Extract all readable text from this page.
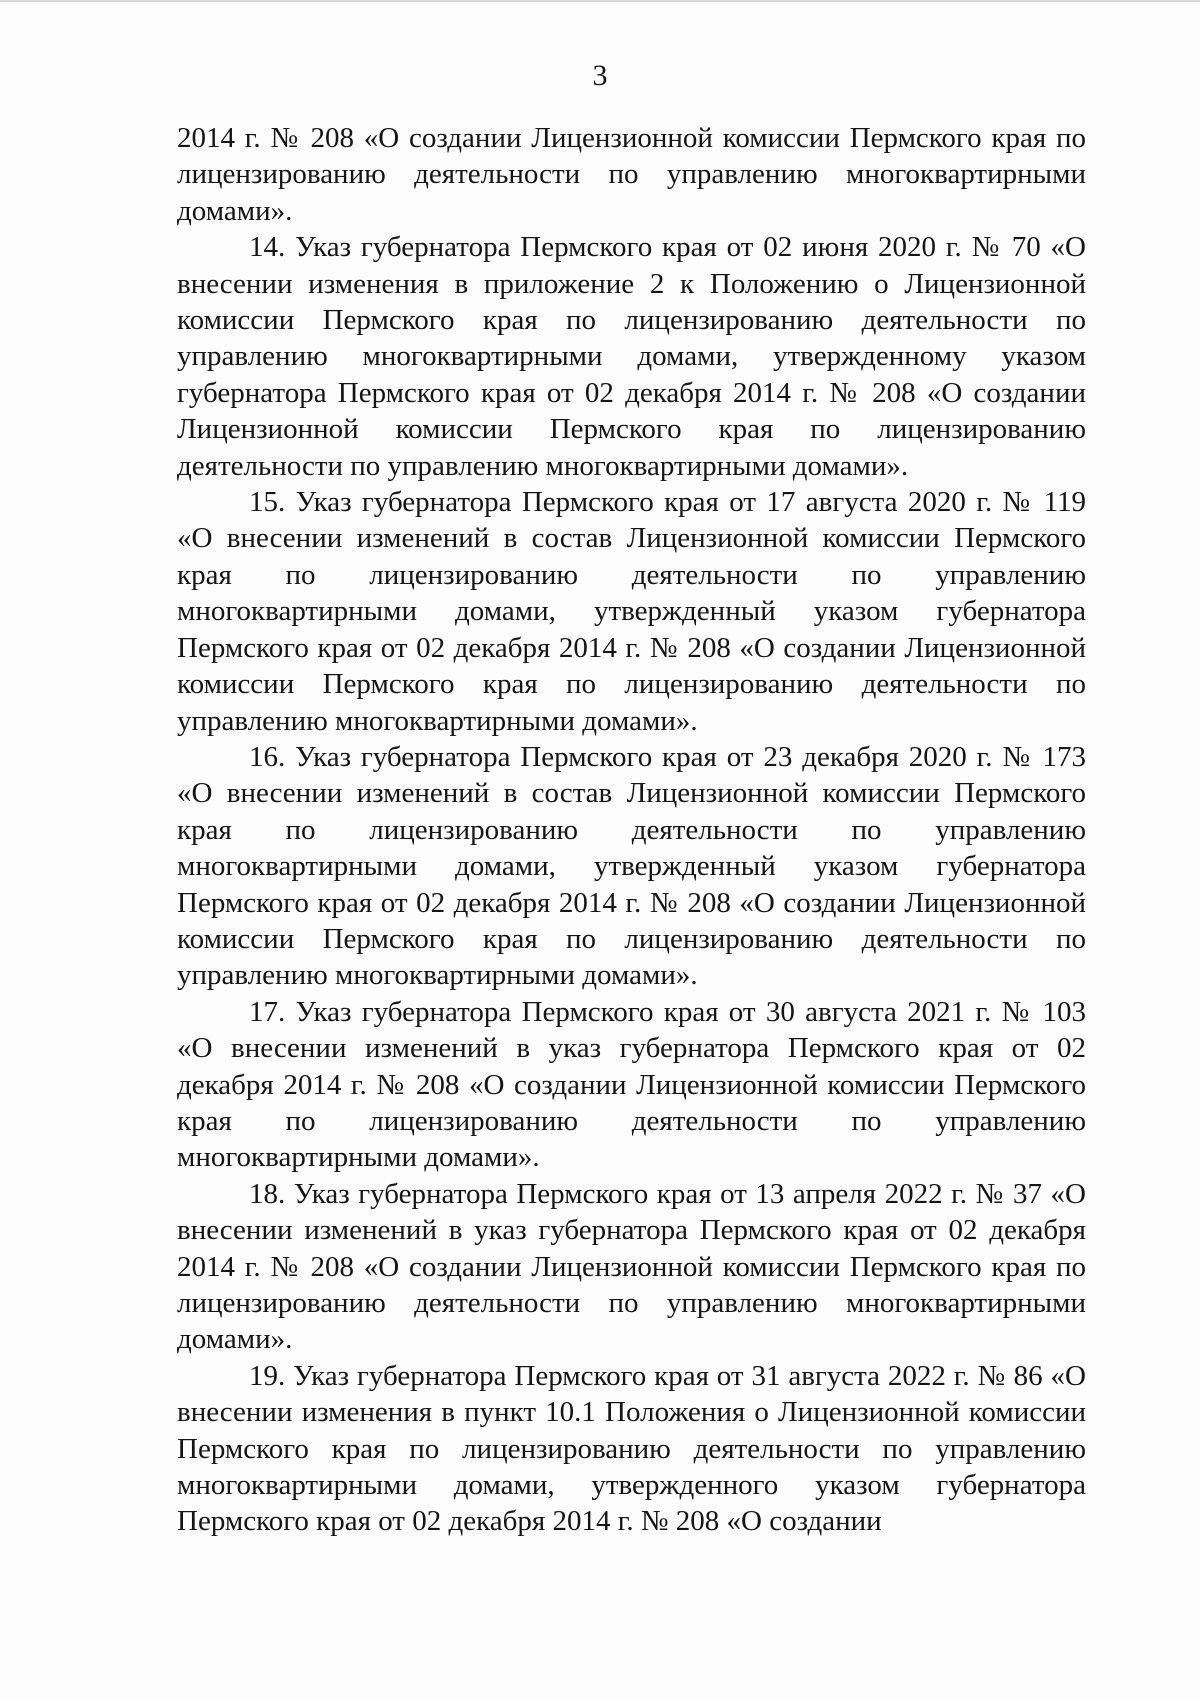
3

2014 г. № 208 «О создании Лицензионной комиссии Пермского края по лицензированию деятельности по управлению многоквартирными домами».

14. Указ губернатора Пермского края от 02 июня 2020 г. № 70 «О внесении изменения в приложение 2 к Положению о Лицензионной комиссии Пермского края по лицензированию деятельности по управлению многоквартирными домами, утвержденному указом губернатора Пермского края от 02 декабря 2014 г. № 208 «О создании Лицензионной комиссии Пермского края по лицензированию деятельности по управлению многоквартирными домами».

15. Указ губернатора Пермского края от 17 августа 2020 г. № 119 «О внесении изменений в состав Лицензионной комиссии Пермского края по лицензированию деятельности по управлению многоквартирными домами, утвержденный указом губернатора Пермского края от 02 декабря 2014 г. № 208 «О создании Лицензионной комиссии Пермского края по лицензированию деятельности по управлению многоквартирными домами».

16. Указ губернатора Пермского края от 23 декабря 2020 г. № 173 «О внесении изменений в состав Лицензионной комиссии Пермского края по лицензированию деятельности по управлению многоквартирными домами, утвержденный указом губернатора Пермского края от 02 декабря 2014 г. № 208 «О создании Лицензионной комиссии Пермского края по лицензированию деятельности по управлению многоквартирными домами».

17. Указ губернатора Пермского края от 30 августа 2021 г. № 103 «О внесении изменений в указ губернатора Пермского края от 02 декабря 2014 г. № 208 «О создании Лицензионной комиссии Пермского края по лицензированию деятельности по управлению многоквартирными домами».

18. Указ губернатора Пермского края от 13 апреля 2022 г. № 37 «О внесении изменений в указ губернатора Пермского края от 02 декабря 2014 г. № 208 «О создании Лицензионной комиссии Пермского края по лицензированию деятельности по управлению многоквартирными домами».

19. Указ губернатора Пермского края от 31 августа 2022 г. № 86 «О внесении изменения в пункт 10.1 Положения о Лицензионной комиссии Пермского края по лицензированию деятельности по управлению многоквартирными домами, утвержденного указом губернатора Пермского края от 02 декабря 2014 г. № 208 «О создании
